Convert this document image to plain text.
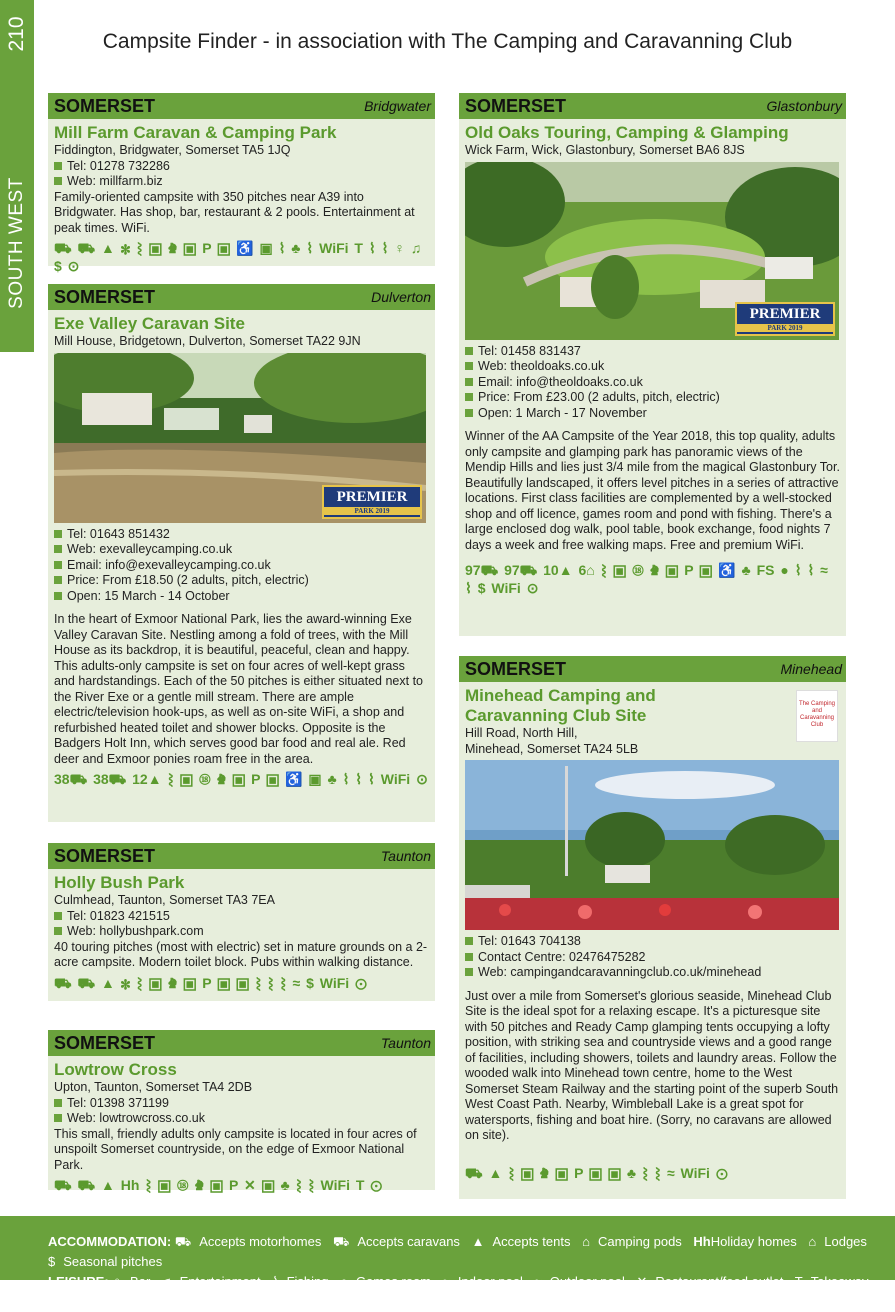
210
SOUTH WEST
Campsite Finder - in association with The Camping and Caravanning Club
SOMERSET	Bridgwater
Mill Farm Caravan & Camping Park
Fiddington, Bridgwater, Somerset TA5 1JQ
Tel: 01278 732286
Web: millfarm.biz

Family-oriented campsite with 350 pitches near A39 into Bridgwater. Has shop, bar, restaurant & 2 pools. Entertainment at peak times. WiFi.

⛟ ⛟ ▲ ✽ ⌇ ▣ ♞ ▣ P ▣ ♿ ▣ ⌇ ♣ ⌇ WiFi T ⌇ ⌇ ♀ ♫ $ ⊙
SOMERSET	Dulverton
Exe Valley Caravan Site
Mill House, Bridgetown, Dulverton, Somerset TA22 9JN
PREMIER
PARK 2019
Tel: 01643 851432
Web: exevalleycamping.co.uk
Email: info@exevalleycamping.co.uk
Price: From £18.50 (2 adults, pitch, electric)
Open: 15 March - 14 October

In the heart of Exmoor National Park, lies the award-winning Exe Valley Caravan Site. Nestling among a fold of trees, with the Mill House as its backdrop, it is beautiful, peaceful, clean and happy. This adults-only campsite is set on four acres of well-kept grass and hardstandings. Each of the 50 pitches is either situated next to the River Exe or a gentle mill stream. There are ample electric/television hook-ups, as well as on-site WiFi, a shop and refurbished heated toilet and shower blocks. Opposite is the Badgers Holt Inn, which serves good bar food and real ale. Red deer and Exmoor ponies roam free in the area.

38⛟ 38⛟ 12▲ ⌇ ▣ ⑱ ♞ ▣ P ▣ ♿ ▣ ♣ ⌇ ⌇ ⌇ WiFi ⊙
SOMERSET	Taunton
Holly Bush Park
Culmhead, Taunton, Somerset TA3 7EA
Tel: 01823 421515
Web: hollybushpark.com

40 touring pitches (most with electric) set in mature grounds on a 2-acre campsite. Modern toilet block. Pubs within walking distance.

⛟ ⛟ ▲ ✽ ⌇ ▣ ♞ ▣ P ▣ ▣ ⌇ ⌇ ⌇ ≈ $ WiFi ⊙
SOMERSET	Taunton
Lowtrow Cross
Upton, Taunton, Somerset TA4 2DB
Tel: 01398 371199
Web: lowtrowcross.co.uk

This small, friendly adults only campsite is located in four acres of unspoilt Somerset countryside, on the edge of Exmoor National Park.

⛟ ⛟ ▲ Hh ⌇ ▣ ⑱ ♞ ▣ P ✕ ▣ ♣ ⌇ ⌇ WiFi T ⊙
SOMERSET	Glastonbury
Old Oaks Touring, Camping & Glamping
Wick Farm, Wick, Glastonbury, Somerset BA6 8JS
PREMIER
PARK 2019
Tel: 01458 831437
Web: theoldoaks.co.uk
Email: info@theoldoaks.co.uk
Price: From £23.00 (2 adults, pitch, electric)
Open: 1 March - 17 November

Winner of the AA Campsite of the Year 2018, this top quality, adults only campsite and glamping park has panoramic views of the Mendip Hills and lies just 3/4 mile from the magical Glastonbury Tor. Beautifully landscaped, it offers level pitches in a series of attractive locations. First class facilities are complemented by a well-stocked shop and off licence, games room and pond with fishing. There's a large enclosed dog walk, pool table, book exchange, food nights 7 days a week and free walking maps. Free and premium WiFi.

97⛟ 97⛟ 10▲ 6⌂ ⌇ ▣ ⑱ ♞ ▣ P ▣ ♿ ♣ FS ● ⌇ ⌇ ≈ ⌇ $ WiFi ⊙
SOMERSET	Minehead
The Camping and Caravanning Club
Minehead Camping and Caravanning Club Site
Hill Road, North Hill,
Minehead, Somerset TA24 5LB
Tel: 01643 704138
Contact Centre: 02476475282
Web: campingandcaravanningclub.co.uk/minehead

Just over a mile from Somerset's glorious seaside, Minehead Club Site is the ideal spot for a relaxing escape. It's a picturesque site with 50 pitches and Ready Camp glamping tents occupying a lofty position, with striking sea and countryside views and a good range of facilities, including showers, toilets and laundry areas. Follow the wooded walk into Minehead town centre, home to the West Somerset Steam Railway and the starting point of the superb South West Coast Path. Nearby, Wimbleball Lake is a great spot for watersports, fishing and boat hire. (Sorry, no caravans are allowed on site).

⛟ ▲ ⌇ ▣ ♞ ▣ P ▣ ▣ ♣ ⌇ ⌇ ≈ WiFi ⊙
ACCOMMODATION: ⛟ Accepts motorhomes ⛟ Accepts caravans ▲ Accepts tents ⌂ Camping pods HhHoliday homes ⌂ Lodges $ Seasonal pitches
LEISURE: ♀ Bar ♫ Entertainment ⌇ Fishing ● Games room ≈ Indoor pool ≈ Outdoor pool ✕ Restaurant/food outlet T Takeaway WiFiWiFi available
